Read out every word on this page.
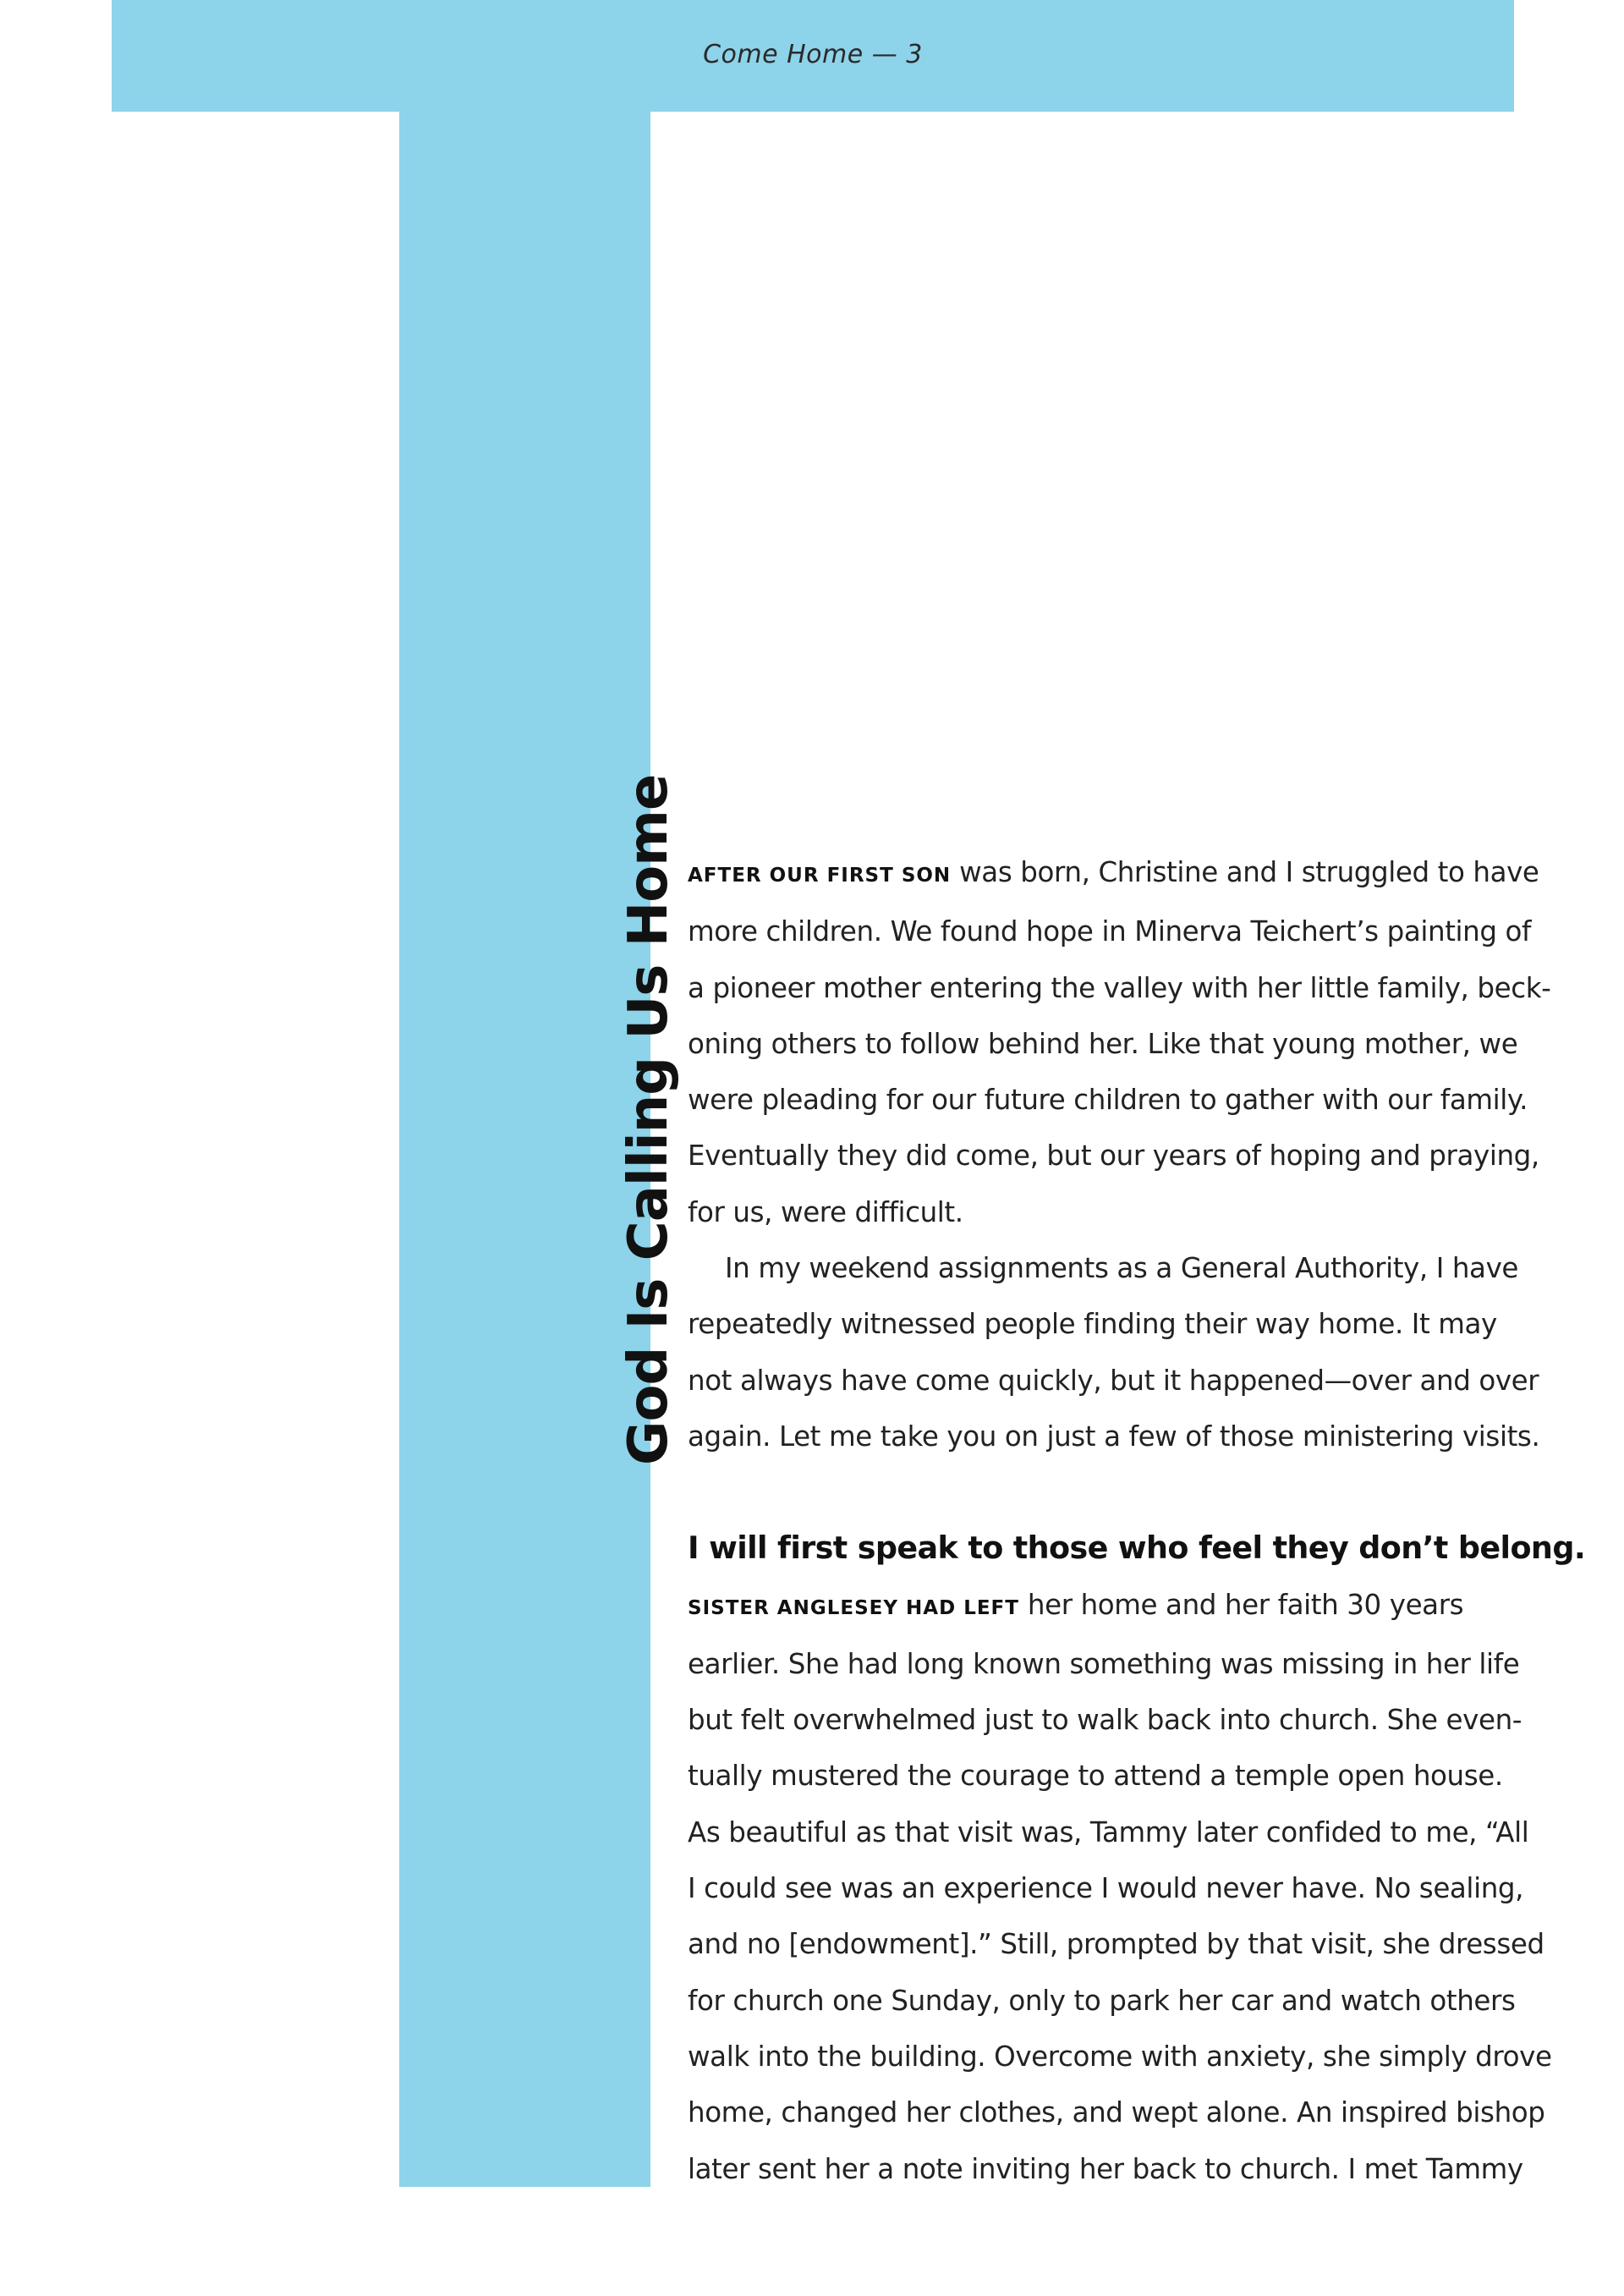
Come Home — 3
God Is Calling Us Home AFTER OUR FIRST SON was born, Christine and I struggled to have
more children. We found hope in Minerva Teichert’s painting of
a pioneer mother entering the valley with her little family, beck-
oning others to follow behind her. Like that young mother, we
were pleading for our future children to gather with our family.
Eventually they did come, but our years of hoping and praying,
for us, were difficult.

In my weekend assignments as a General Authority, I have
repeatedly witnessed people finding their way home. It may
not always have come quickly, but it happened—over and over
again. Let me take you on just a few of those ministering visits.

I will first speak to those who feel they don’t belong.

SISTER ANGLESEY HAD LEFT her home and her faith 30 years
earlier. She had long known something was missing in her life
but felt overwhelmed just to walk back into church. She even-
tually mustered the courage to attend a temple open house.
As beautiful as that visit was, Tammy later confided to me, “All
I could see was an experience I would never have. No sealing,
and no [endowment].” Still, prompted by that visit, she dressed
for church one Sunday, only to park her car and watch others
walk into the building. Overcome with anxiety, she simply drove
home, changed her clothes, and wept alone. An inspired bishop
later sent her a note inviting her back to church. I met Tammy
